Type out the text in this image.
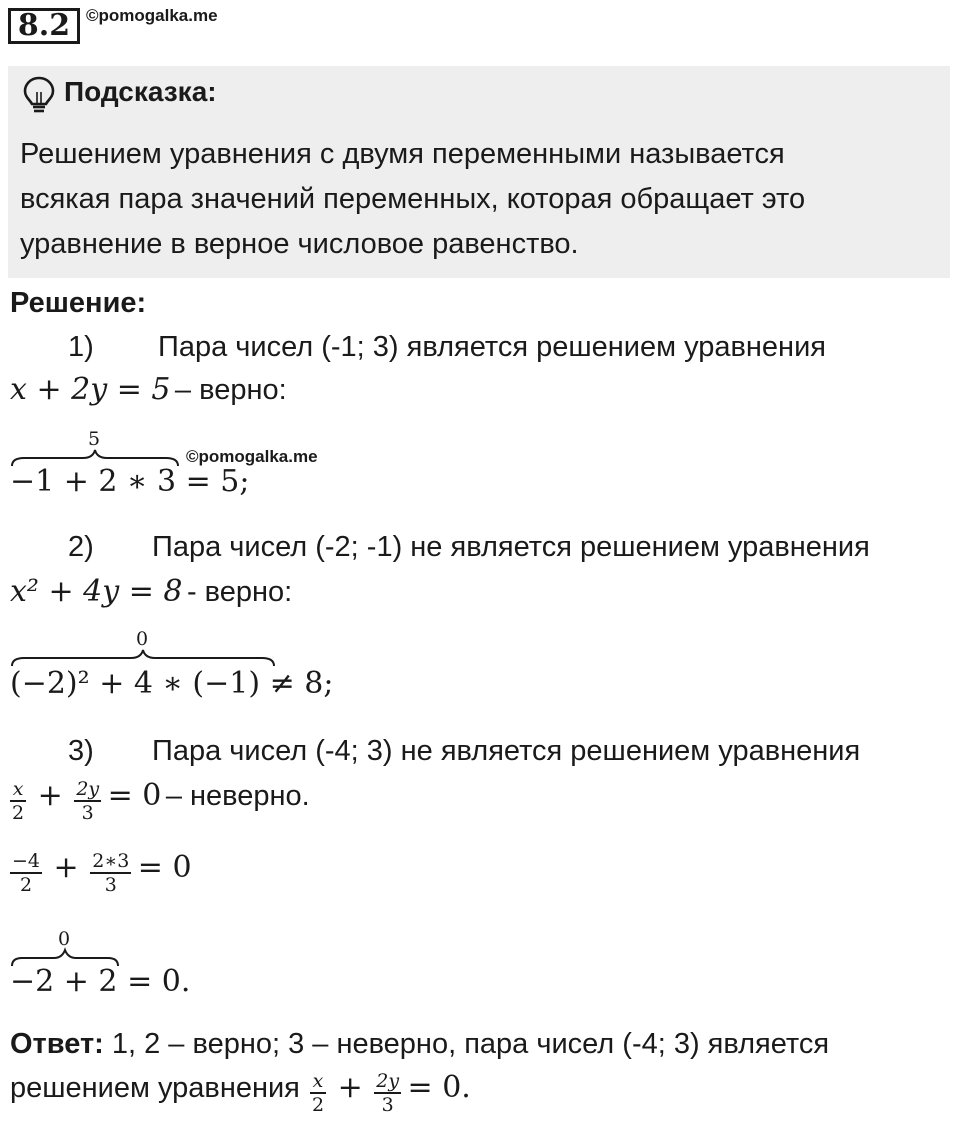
8.2 ©pomogalka.me
Подсказка:
Решением уравнения с двумя переменными называется
всякая пара значений переменных, которая обращает это
уравнение в верное числовое равенство.
Решение:
1) Пара чисел (-1; 3) является решением уравнения
x + 2y = 5 – верно:
5
©pomogalka.me
−1 + 2 ∗ 3 = 5;
2) Пара чисел (-2; -1) не является решением уравнения
x² + 4y = 8 - верно:
0
(−2)² + 4 ∗ (−1) ≠ 8;
3) Пара чисел (-4; 3) не является решением уравнения
$\frac{x}{2} + \frac{2y}{3} = 0$ – неверно.
$\frac{-4}{2} + \frac{2∗3}{3} = 0$
0
−2 + 2 = 0.
Ответ: 1, 2 – верно; 3 – неверно, пара чисел (-4; 3) является
решением уравнения $\frac{x}{2} + \frac{2y}{3} = 0$.
